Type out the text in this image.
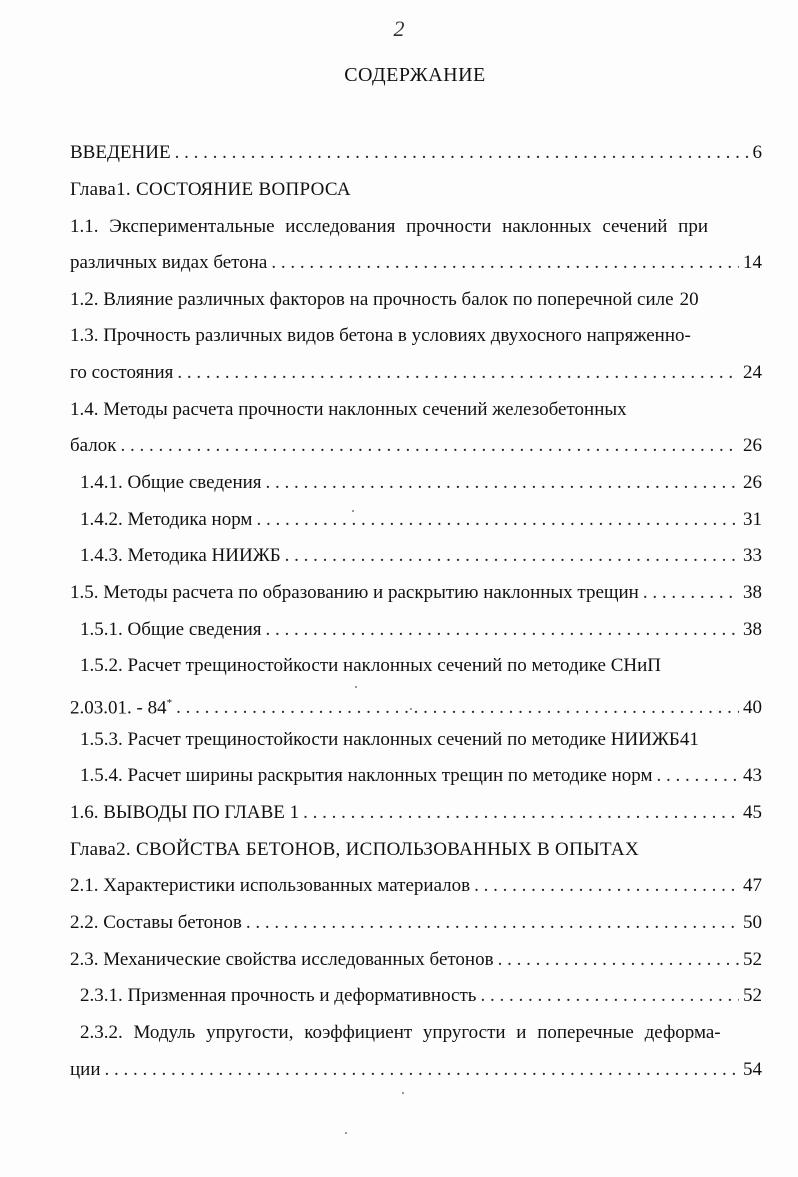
2
СОДЕРЖАНИЕ
ВВЕДЕНИЕ . . .	6
Глава1. СОСТОЯНИЕ ВОПРОСА
1.1. Экспериментальные исследования прочности наклонных сечений при
различных видах бетона . . .	14
1.2. Влияние различных факторов на прочность балок по поперечной силе 20
1.3. Прочность различных видов бетона в условиях двухосного напряженно-
го состояния . . .	24
1.4. Методы расчета прочности наклонных сечений железобетонных
балок . . .	26
1.4.1. Общие сведения . . .	26
1.4.2. Методика норм . . .	31
1.4.3. Методика НИИЖБ . . .	33
1.5. Методы расчета по образованию и раскрытию наклонных трещин . . .	38
1.5.1. Общие сведения . . .	38
1.5.2. Расчет трещиностойкости наклонных сечений по методике СНиП
2.03.01. - 84* . . .	40
1.5.3. Расчет трещиностойкости наклонных сечений по методике НИИЖБ 41
1.5.4. Расчет ширины раскрытия наклонных трещин по методике норм . . .	43
1.6. ВЫВОДЫ ПО ГЛАВЕ 1 . . .	45
Глава2. СВОЙСТВА БЕТОНОВ, ИСПОЛЬЗОВАННЫХ В ОПЫТАХ
2.1. Характеристики использованных материалов . . .	47
2.2. Составы бетонов . . .	50
2.3. Механические свойства исследованных бетонов . . .	52
2.3.1. Призменная прочность и деформативность . . .	52
2.3.2. Модуль упругости, коэффициент упругости и поперечные деформа-
ции . . .	54
